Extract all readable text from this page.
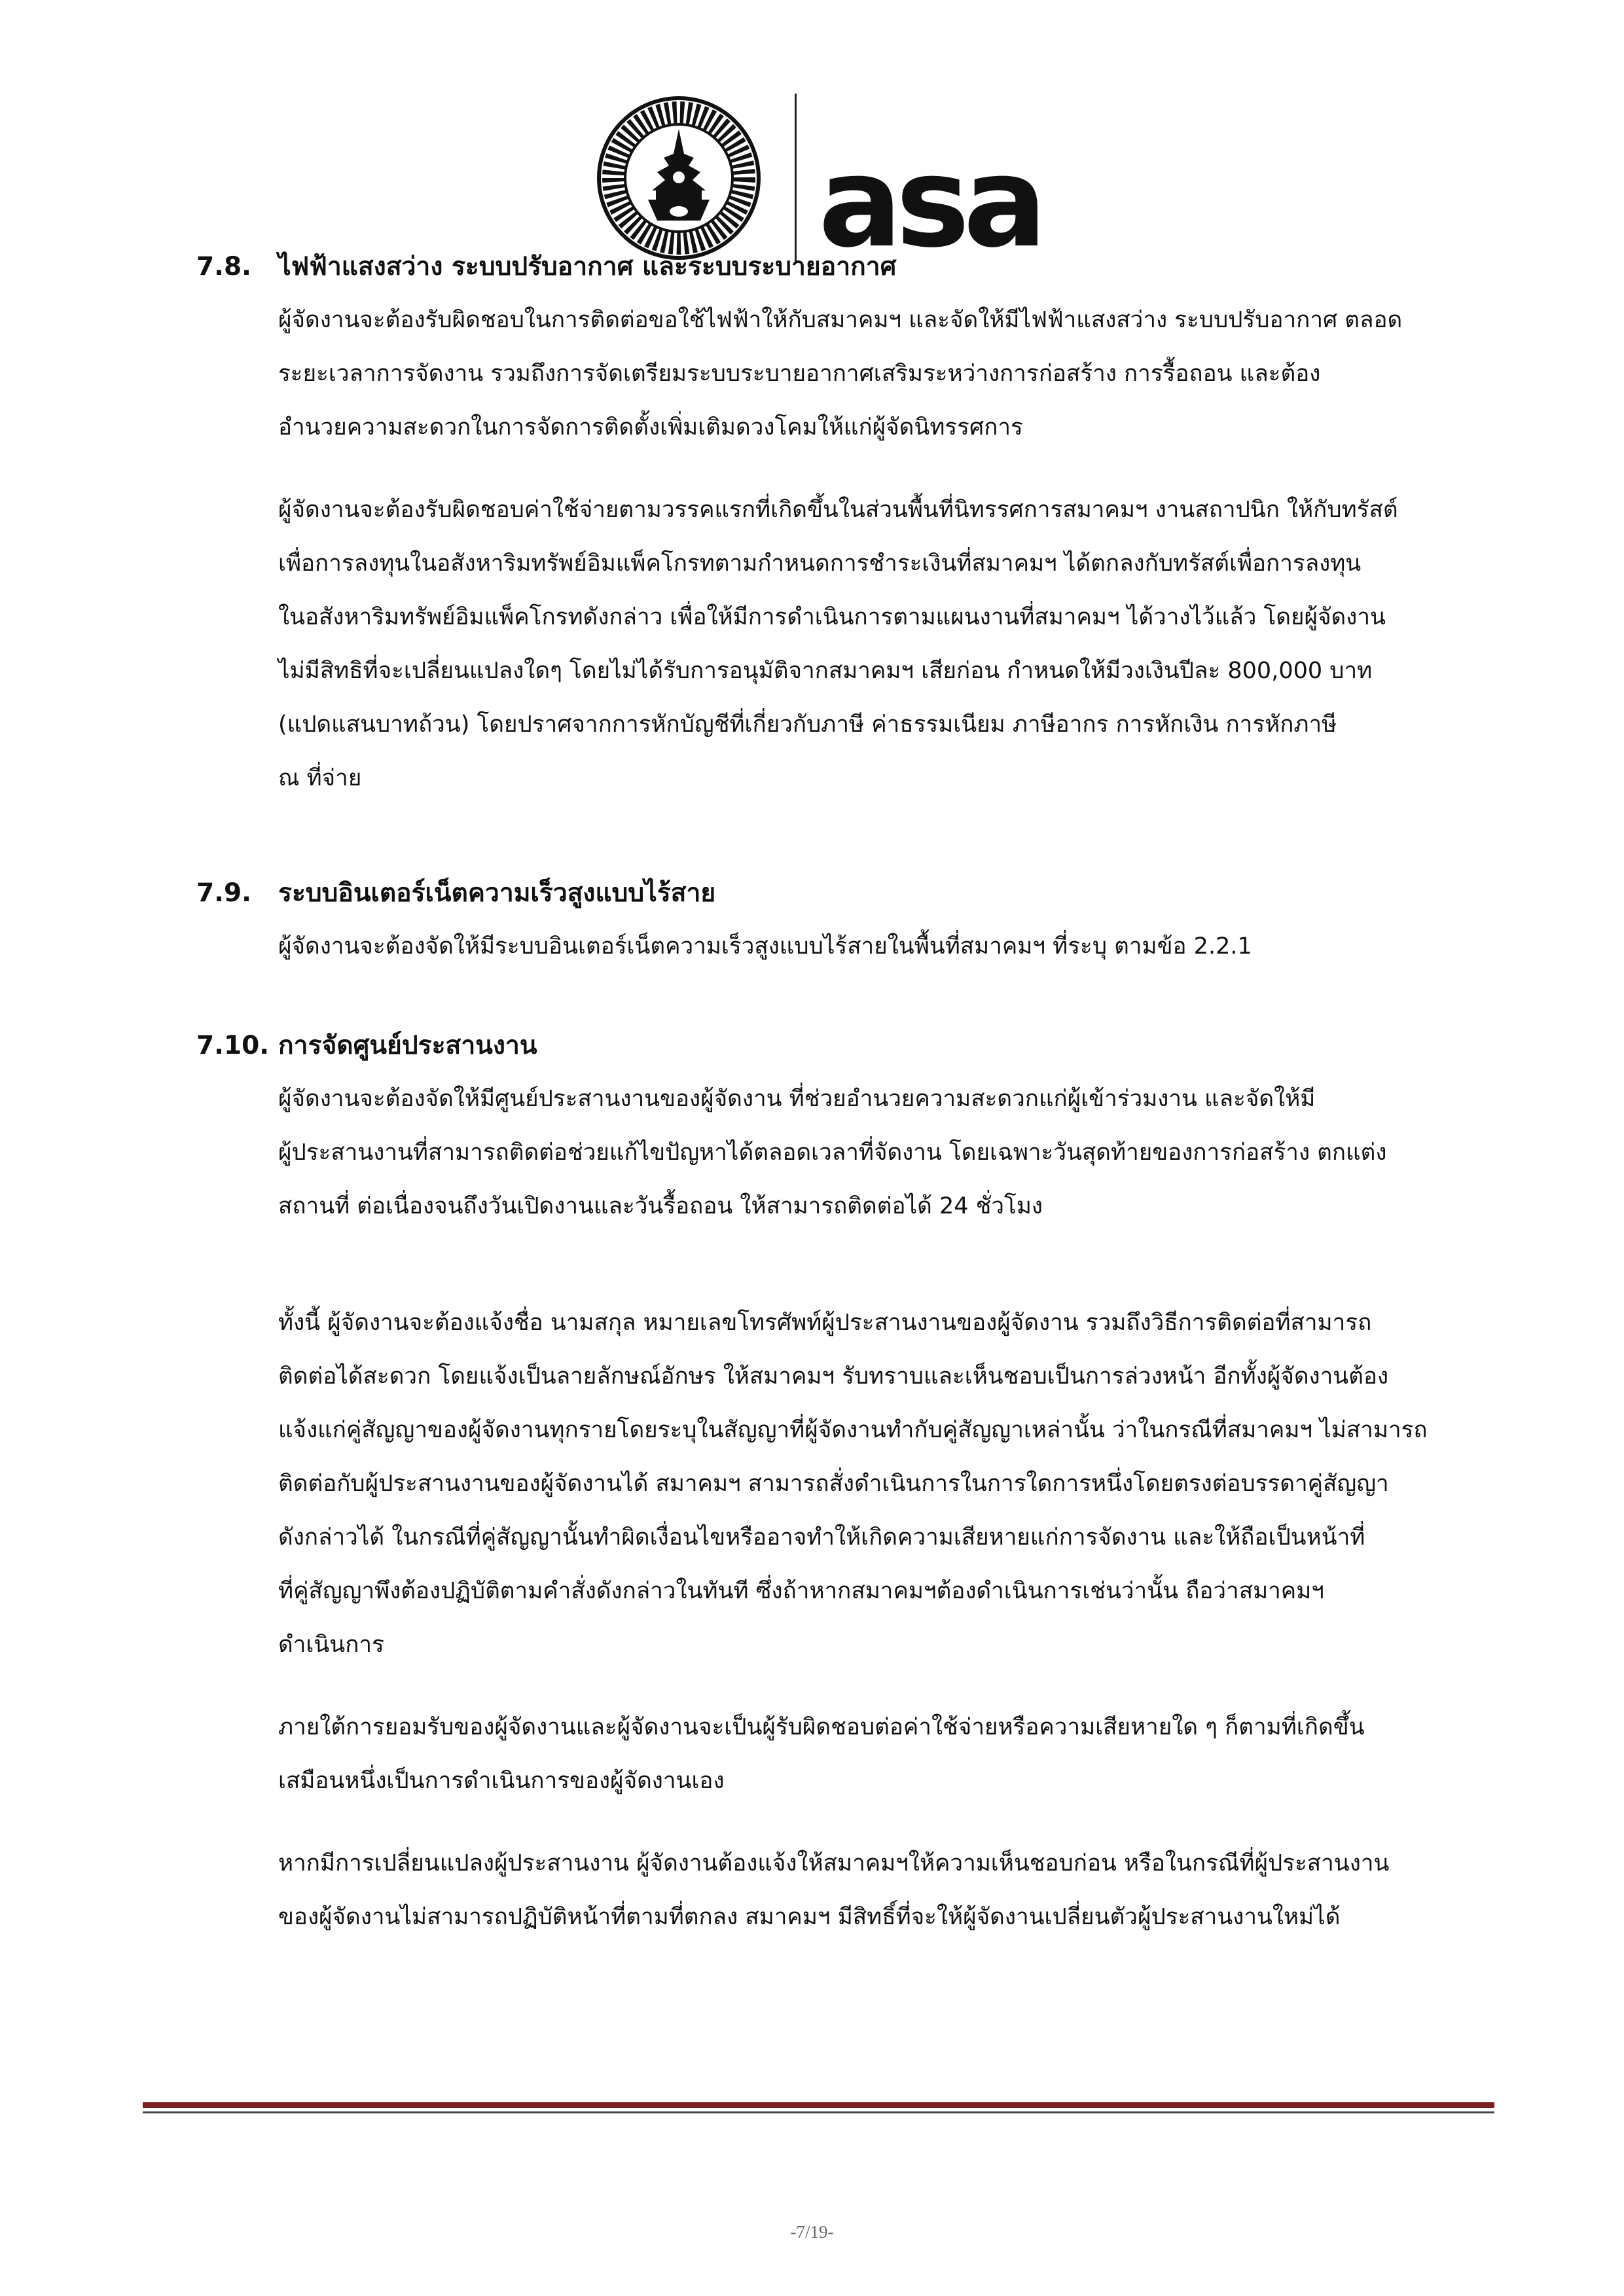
asa
7.8. ไฟฟ้าแสงสว่าง ระบบปรับอากาศ และระบบระบายอากาศ
ผู้จัดงานจะต้องรับผิดชอบในการติดต่อขอใช้ไฟฟ้าให้กับสมาคมฯ และจัดให้มีไฟฟ้าแสงสว่าง ระบบปรับอากาศ ตลอด
ระยะเวลาการจัดงาน รวมถึงการจัดเตรียมระบบระบายอากาศเสริมระหว่างการก่อสร้าง การรื้อถอน และต้อง
อำนวยความสะดวกในการจัดการติดตั้งเพิ่มเติมดวงโคมให้แก่ผู้จัดนิทรรศการ
ผู้จัดงานจะต้องรับผิดชอบค่าใช้จ่ายตามวรรคแรกที่เกิดขึ้นในส่วนพื้นที่นิทรรศการสมาคมฯ งานสถาปนิก ให้กับทรัสต์
เพื่อการลงทุนในอสังหาริมทรัพย์อิมแพ็คโกรทตามกำหนดการชำระเงินที่สมาคมฯ ได้ตกลงกับทรัสต์เพื่อการลงทุน
ในอสังหาริมทรัพย์อิมแพ็คโกรทดังกล่าว เพื่อให้มีการดำเนินการตามแผนงานที่สมาคมฯ ได้วางไว้แล้ว โดยผู้จัดงาน
ไม่มีสิทธิที่จะเปลี่ยนแปลงใดๆ โดยไม่ได้รับการอนุมัติจากสมาคมฯ เสียก่อน กำหนดให้มีวงเงินปีละ 800,000 บาท
(แปดแสนบาทถ้วน) โดยปราศจากการหักบัญชีที่เกี่ยวกับภาษี ค่าธรรมเนียม ภาษีอากร การหักเงิน การหักภาษี
ณ ที่จ่าย
7.9. ระบบอินเตอร์เน็ตความเร็วสูงแบบไร้สาย
ผู้จัดงานจะต้องจัดให้มีระบบอินเตอร์เน็ตความเร็วสูงแบบไร้สายในพื้นที่สมาคมฯ ที่ระบุ ตามข้อ 2.2.1
7.10. การจัดศูนย์ประสานงาน
ผู้จัดงานจะต้องจัดให้มีศูนย์ประสานงานของผู้จัดงาน ที่ช่วยอำนวยความสะดวกแก่ผู้เข้าร่วมงาน และจัดให้มี
ผู้ประสานงานที่สามารถติดต่อช่วยแก้ไขปัญหาได้ตลอดเวลาที่จัดงาน โดยเฉพาะวันสุดท้ายของการก่อสร้าง ตกแต่ง
สถานที่ ต่อเนื่องจนถึงวันเปิดงานและวันรื้อถอน ให้สามารถติดต่อได้ 24 ชั่วโมง
ทั้งนี้ ผู้จัดงานจะต้องแจ้งชื่อ นามสกุล หมายเลขโทรศัพท์ผู้ประสานงานของผู้จัดงาน รวมถึงวิธีการติดต่อที่สามารถ
ติดต่อได้สะดวก โดยแจ้งเป็นลายลักษณ์อักษร ให้สมาคมฯ รับทราบและเห็นชอบเป็นการล่วงหน้า อีกทั้งผู้จัดงานต้อง
แจ้งแก่คู่สัญญาของผู้จัดงานทุกรายโดยระบุในสัญญาที่ผู้จัดงานทำกับคู่สัญญาเหล่านั้น ว่าในกรณีที่สมาคมฯ ไม่สามารถ
ติดต่อกับผู้ประสานงานของผู้จัดงานได้ สมาคมฯ สามารถสั่งดำเนินการในการใดการหนึ่งโดยตรงต่อบรรดาคู่สัญญา
ดังกล่าวได้ ในกรณีที่คู่สัญญานั้นทำผิดเงื่อนไขหรืออาจทำให้เกิดความเสียหายแก่การจัดงาน และให้ถือเป็นหน้าที่
ที่คู่สัญญาพึงต้องปฏิบัติตามคำสั่งดังกล่าวในทันที ซึ่งถ้าหากสมาคมฯต้องดำเนินการเช่นว่านั้น ถือว่าสมาคมฯ
ดำเนินการ
ภายใต้การยอมรับของผู้จัดงานและผู้จัดงานจะเป็นผู้รับผิดชอบต่อค่าใช้จ่ายหรือความเสียหายใด ๆ ก็ตามที่เกิดขึ้น
เสมือนหนึ่งเป็นการดำเนินการของผู้จัดงานเอง
หากมีการเปลี่ยนแปลงผู้ประสานงาน ผู้จัดงานต้องแจ้งให้สมาคมฯให้ความเห็นชอบก่อน หรือในกรณีที่ผู้ประสานงาน
ของผู้จัดงานไม่สามารถปฏิบัติหน้าที่ตามที่ตกลง สมาคมฯ มีสิทธิ์ที่จะให้ผู้จัดงานเปลี่ยนตัวผู้ประสานงานใหม่ได้
-7/19-
